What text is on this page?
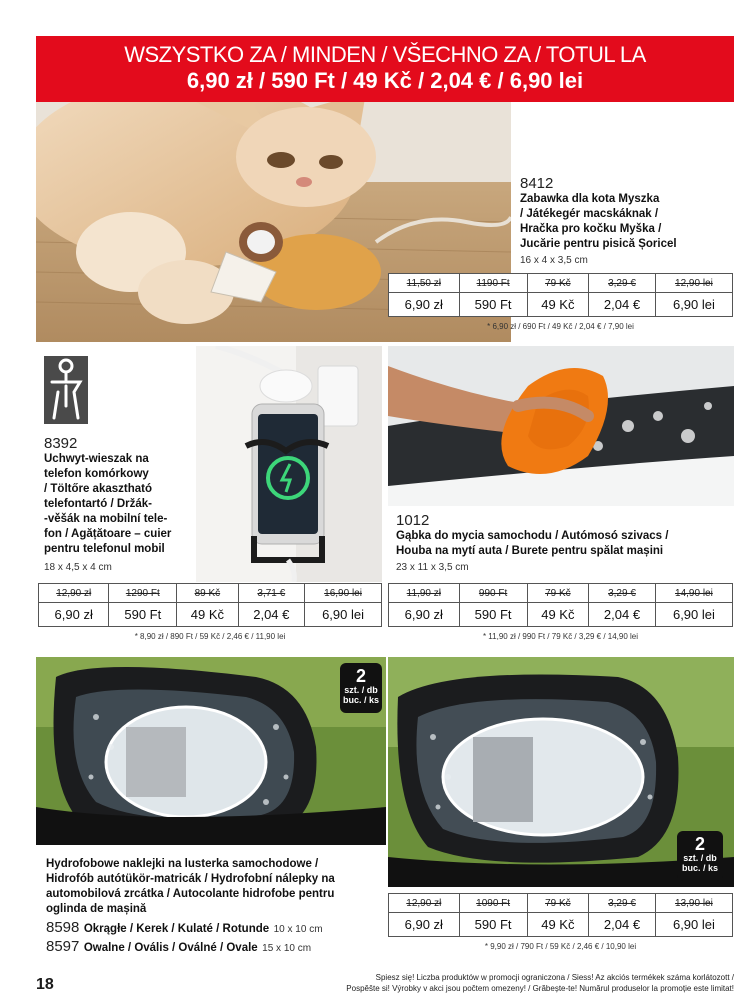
WSZYSTKO ZA / MINDEN / VŠECHNO ZA / TOTUL LA
6,90 zł / 590 Ft / 49 Kč / 2,04 € / 6,90 lei
8412
Zabawka dla kota Myszka
/ Játékegér macskáknak /
Hračka pro kočku Myška /
Jucărie pentru pisică Șoricel
16 x 4 x 3,5 cm
11,50 zł	1190 Ft	79 Kč	3,29 €	12,90 lei
6,90 zł	590 Ft	49 Kč	2,04 €	6,90 lei
* 6,90 zł / 690 Ft / 49 Kč / 2,04 € / 7,90 lei
8392
Uchwyt-wieszak na
telefon komórkowy
/ Töltőre akasztható
telefontartó / Držák-
-věšák na mobilní tele-
fon / Agățătoare – cuier
pentru telefonul mobil
18 x 4,5 x 4 cm
12,90 zł	1290 Ft	89 Kč	3,71 €	16,90 lei
6,90 zł	590 Ft	49 Kč	2,04 €	6,90 lei
* 8,90 zł / 890 Ft / 59 Kč / 2,46 € / 11,90 lei
1012
Gąbka do mycia samochodu / Autómosó szivacs /
Houba na mytí auta / Burete pentru spălat mașini
23 x 11 x 3,5 cm
11,90 zł	990 Ft	79 Kč	3,29 €	14,90 lei
6,90 zł	590 Ft	49 Kč	2,04 €	6,90 lei
* 11,90 zł / 990 Ft / 79 Kč / 3,29 € / 14,90 lei
2
szt. / db
buc. / ks
2
szt. / db
buc. / ks
Hydrofobowe naklejki na lusterka samochodowe /
Hidrofób autótükör-matricák / Hydrofobní nálepky na
automobilová zrcátka / Autocolante hidrofobe pentru
oglinda de mașină
8598 Okrągłe / Kerek / Kulaté / Rotunde 10 x 10 cm
8597 Owalne / Ovális / Oválné / Ovale 15 x 10 cm
12,90 zł	1090 Ft	79 Kč	3,29 €	13,90 lei
6,90 zł	590 Ft	49 Kč	2,04 €	6,90 lei
* 9,90 zł / 790 Ft / 59 Kč / 2,46 € / 10,90 lei
18	Spiesz się! Liczba produktów w promocji ograniczona / Siess! Az akciós termékek száma korlátozott /
Pospěšte si! Výrobky v akci jsou počtem omezeny! / Grăbește-te! Numărul produselor la promoție este limitat!
